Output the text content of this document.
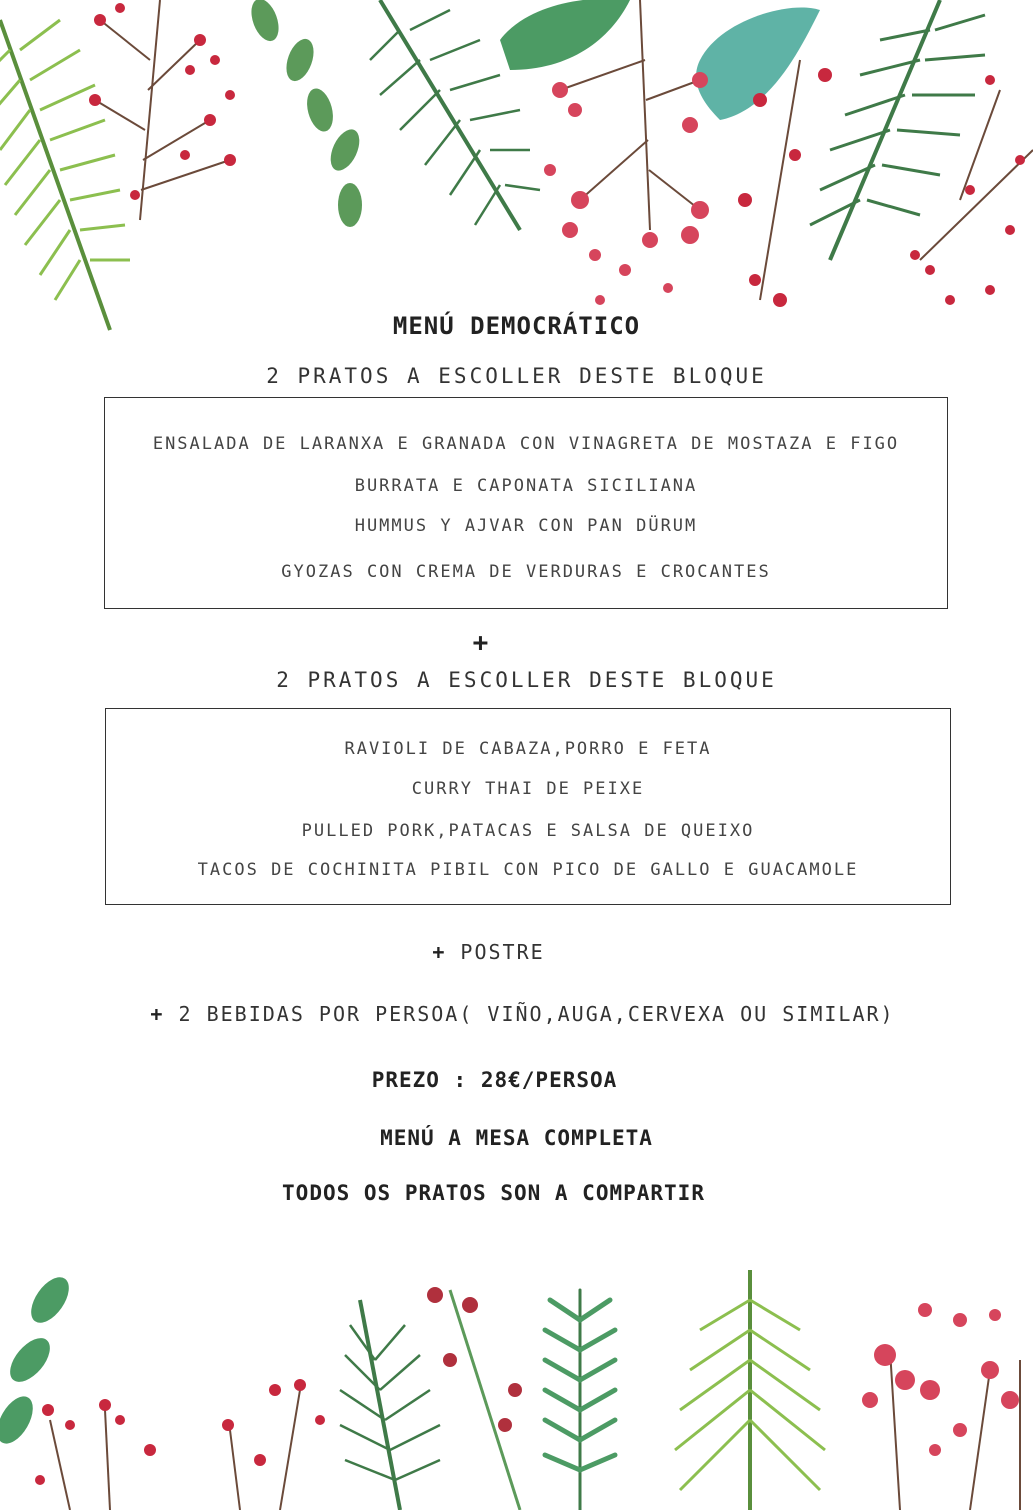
MENÚ DEMOCRÁTICO
2 PRATOS A ESCOLLER DESTE BLOQUE
ENSALADA DE LARANXA E GRANADA CON VINAGRETA DE MOSTAZA E FIGO
BURRATA E CAPONATA SICILIANA
HUMMUS Y AJVAR CON PAN DÜRUM
GYOZAS CON CREMA DE VERDURAS E CROCANTES
+
2 PRATOS A ESCOLLER DESTE BLOQUE
RAVIOLI DE CABAZA,PORRO E FETA
CURRY THAI DE PEIXE
PULLED PORK,PATACAS E SALSA DE QUEIXO
TACOS DE COCHINITA PIBIL CON PICO DE GALLO E GUACAMOLE
+ POSTRE
+ 2 BEBIDAS POR PERSOA( VIÑO,AUGA,CERVEXA OU SIMILAR)
PREZO : 28€/PERSOA
MENÚ A MESA COMPLETA
TODOS OS PRATOS SON A COMPARTIR
